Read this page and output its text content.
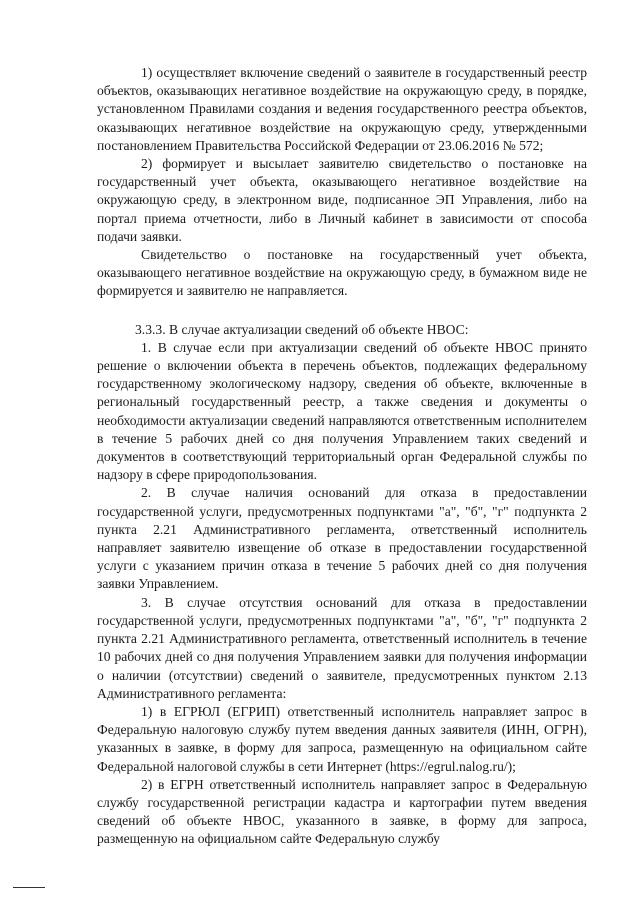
1) осуществляет включение сведений о заявителе в государственный реестр объектов, оказывающих негативное воздействие на окружающую среду, в порядке, установленном Правилами создания и ведения государственного реестра объектов, оказывающих негативное воздействие на окружающую среду, утвержденными постановлением Правительства Российской Федерации от 23.06.2016 № 572;

2) формирует и высылает заявителю свидетельство о постановке на государственный учет объекта, оказывающего негативное воздействие на окружающую среду, в электронном виде, подписанное ЭП Управления, либо на портал приема отчетности, либо в Личный кабинет в зависимости от способа подачи заявки.

Свидетельство о постановке на государственный учет объекта, оказывающего негативное воздействие на окружающую среду, в бумажном виде не формируется и заявителю не направляется.

3.3.3. В случае актуализации сведений об объекте НВОС:

1. В случае если при актуализации сведений об объекте НВОС принято решение о включении объекта в перечень объектов, подлежащих федеральному государственному экологическому надзору, сведения об объекте, включенные в региональный государственный реестр, а также сведения и документы о необходимости актуализации сведений направляются ответственным исполнителем в течение 5 рабочих дней со дня получения Управлением таких сведений и документов в соответствующий территориальный орган Федеральной службы по надзору в сфере природопользования.

2. В случае наличия оснований для отказа в предоставлении государственной услуги, предусмотренных подпунктами "а", "б", "г" подпункта 2 пункта 2.21 Административного регламента, ответственный исполнитель направляет заявителю извещение об отказе в предоставлении государственной услуги с указанием причин отказа в течение 5 рабочих дней со дня получения заявки Управлением.

3. В случае отсутствия оснований для отказа в предоставлении государственной услуги, предусмотренных подпунктами "а", "б", "г" подпункта 2 пункта 2.21 Административного регламента, ответственный исполнитель в течение 10 рабочих дней со дня получения Управлением заявки для получения информации о наличии (отсутствии) сведений о заявителе, предусмотренных пунктом 2.13 Административного регламента:

1) в ЕГРЮЛ (ЕГРИП) ответственный исполнитель направляет запрос в Федеральную налоговую службу путем введения данных заявителя (ИНН, ОГРН), указанных в заявке, в форму для запроса, размещенную на официальном сайте Федеральной налоговой службы в сети Интернет (https://egrul.nalog.ru/);

2) в ЕГРН ответственный исполнитель направляет запрос в Федеральную службу государственной регистрации кадастра и картографии путем введения сведений об объекте НВОС, указанного в заявке, в форму для запроса, размещенную на официальном сайте Федеральную службу
